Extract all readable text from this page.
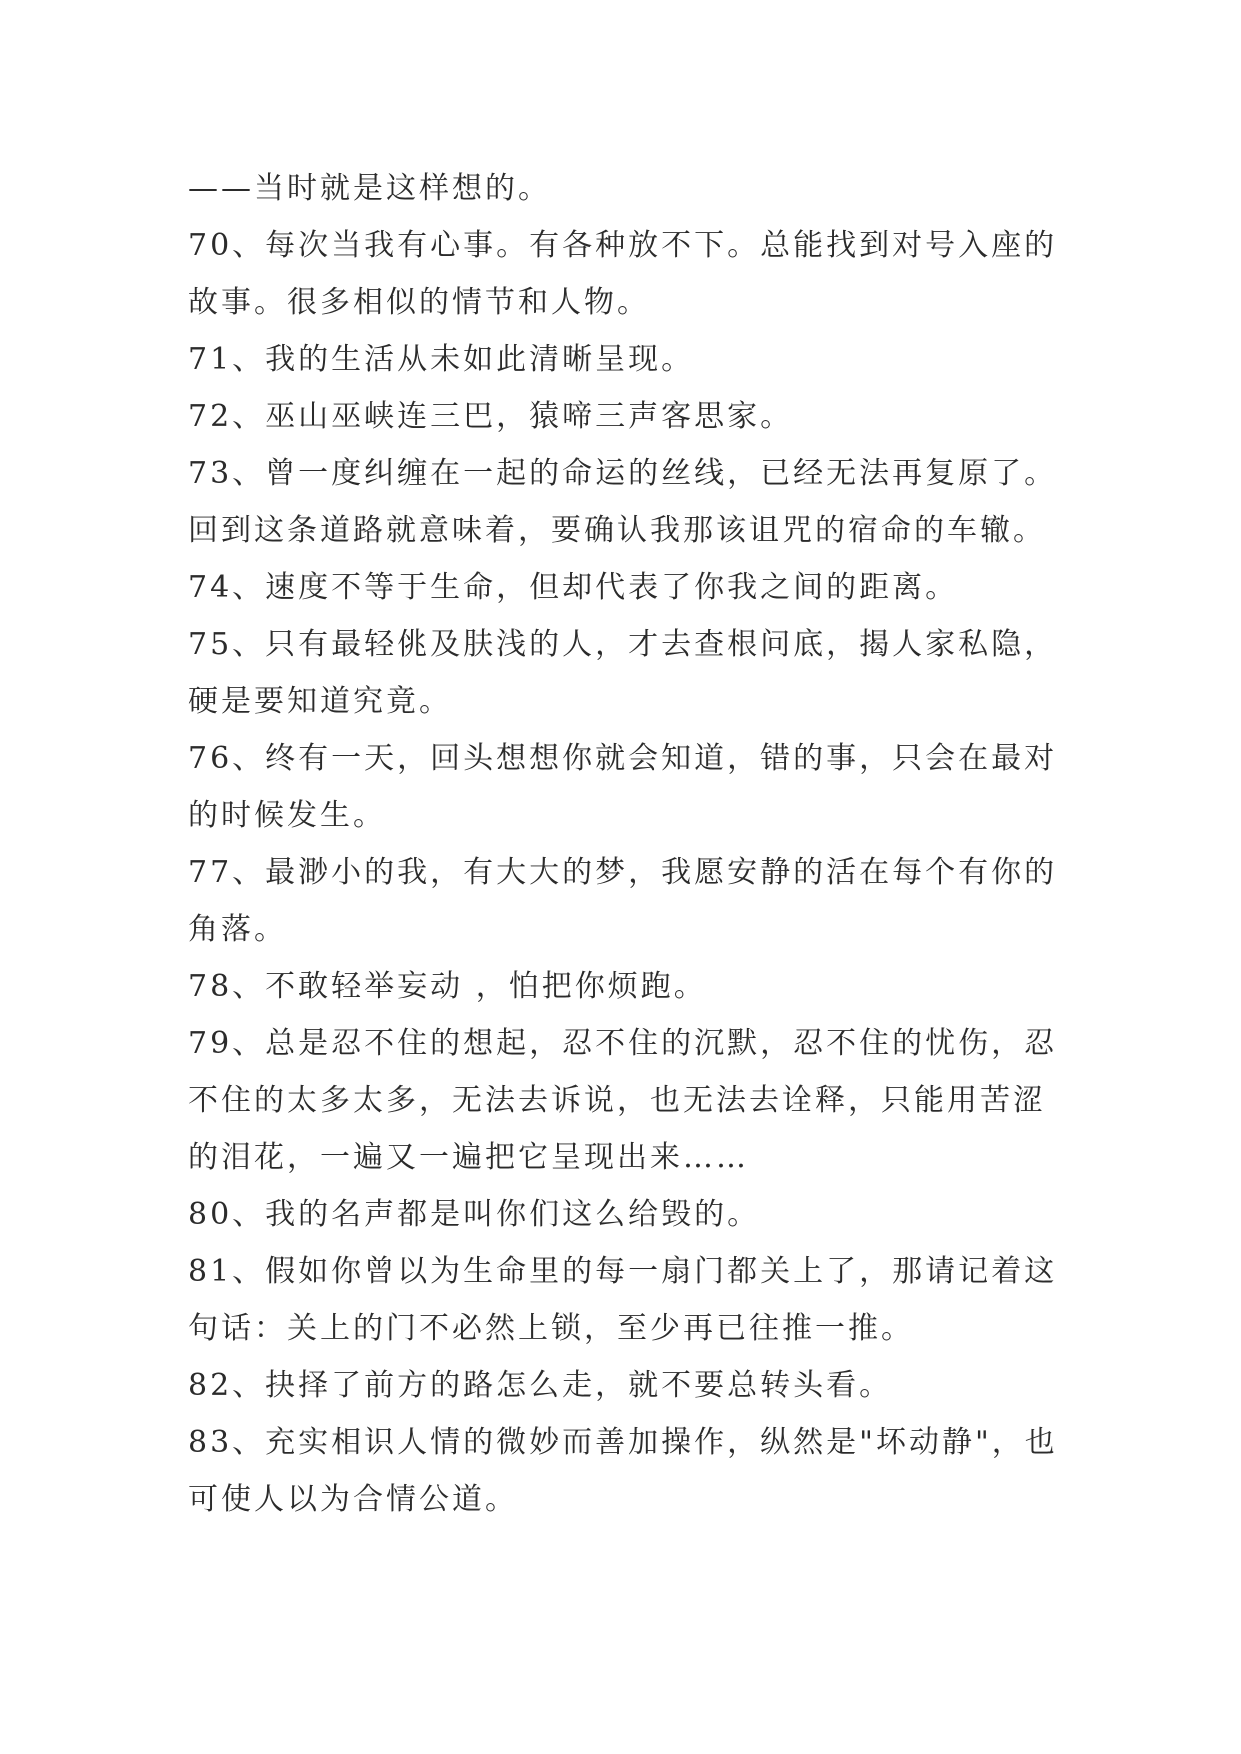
——当时就是这样想的。
70、每次当我有心事。有各种放不下。总能找到对号入座的
故事。很多相似的情节和人物。
71、我的生活从未如此清晰呈现。
72、巫山巫峡连三巴，猿啼三声客思家。
73、曾一度纠缠在一起的命运的丝线，已经无法再复原了。
回到这条道路就意味着，要确认我那该诅咒的宿命的车辙。
74、速度不等于生命，但却代表了你我之间的距离。
75、只有最轻佻及肤浅的人，才去查根问底，揭人家私隐，
硬是要知道究竟。
76、终有一天，回头想想你就会知道，错的事，只会在最对
的时候发生。
77、最渺小的我，有大大的梦，我愿安静的活在每个有你的
角落。
78、不敢轻举妄动 ，怕把你烦跑。
79、总是忍不住的想起，忍不住的沉默，忍不住的忧伤，忍
不住的太多太多，无法去诉说，也无法去诠释，只能用苦涩
的泪花，一遍又一遍把它呈现出来……
80、我的名声都是叫你们这么给毁的。
81、假如你曾以为生命里的每一扇门都关上了，那请记着这
句话：关上的门不必然上锁，至少再已往推一推。
82、抉择了前方的路怎么走，就不要总转头看。
83、充实相识人情的微妙而善加操作，纵然是"坏动静"，也
可使人以为合情公道。
